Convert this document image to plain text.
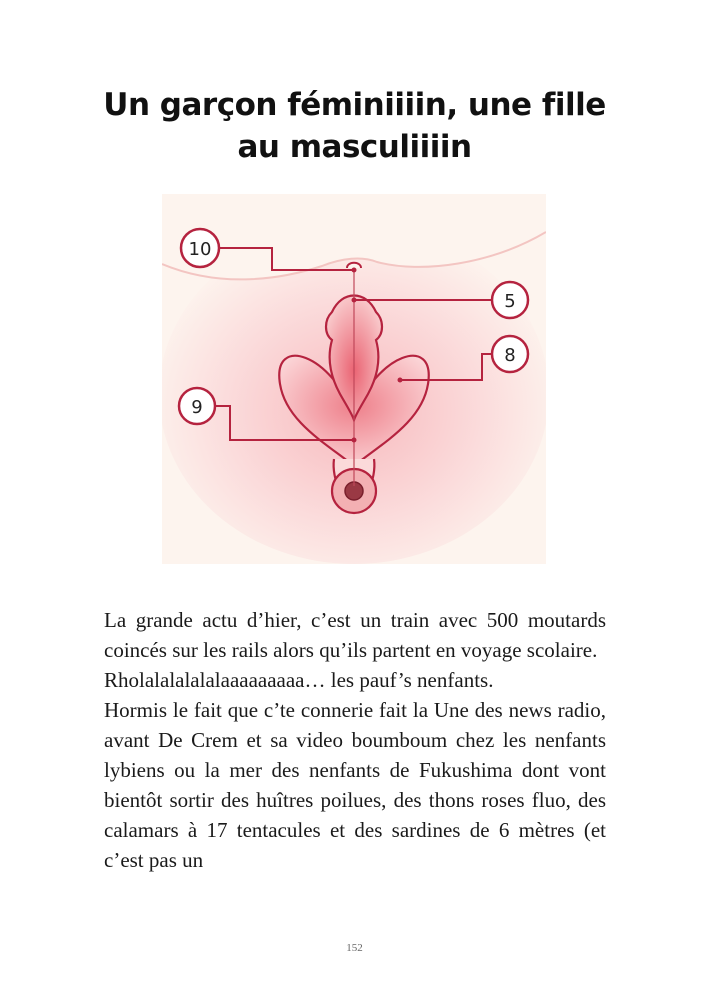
Un garçon féminiiiin, une fille
au masculiiiin
10
5
8
9

La grande actu d’hier, c’est un train avec 500 moutards coincés sur les rails alors qu’ils partent en voyage scolaire.

Rholalalalalalaaaaaaaaa… les pauf’s nenfants.

Hormis le fait que c’te connerie fait la Une des news radio, avant De Crem et sa video boumboum chez les nenfants lybiens ou la mer des nenfants de Fukushima dont vont bientôt sortir des huîtres poilues, des thons roses fluo, des calamars à 17 tentacules et des sardines de 6 mètres (et c’est pas un

152
